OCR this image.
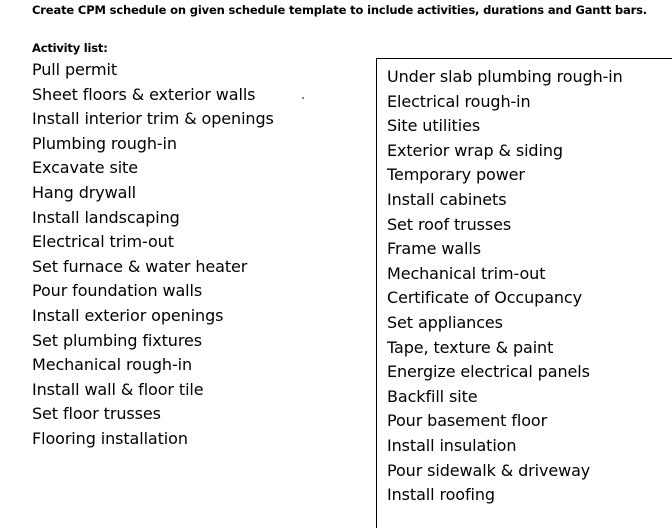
Create CPM schedule on given schedule template to include activities, durations and Gantt bars.
Activity list:
Pull permit
Sheet floors & exterior walls
Install interior trim & openings
Plumbing rough-in
Excavate site
Hang drywall
Install landscaping
Electrical trim-out
Set furnace & water heater
Pour foundation walls
Install exterior openings
Set plumbing fixtures
Mechanical rough-in
Install wall & floor tile
Set floor trusses
Flooring installation
Under slab plumbing rough-in
Electrical rough-in
Site utilities
Exterior wrap & siding
Temporary power
Install cabinets
Set roof trusses
Frame walls
Mechanical trim-out
Certificate of Occupancy
Set appliances
Tape, texture & paint
Energize electrical panels
Backfill site
Pour basement floor
Install insulation
Pour sidewalk & driveway
Install roofing
